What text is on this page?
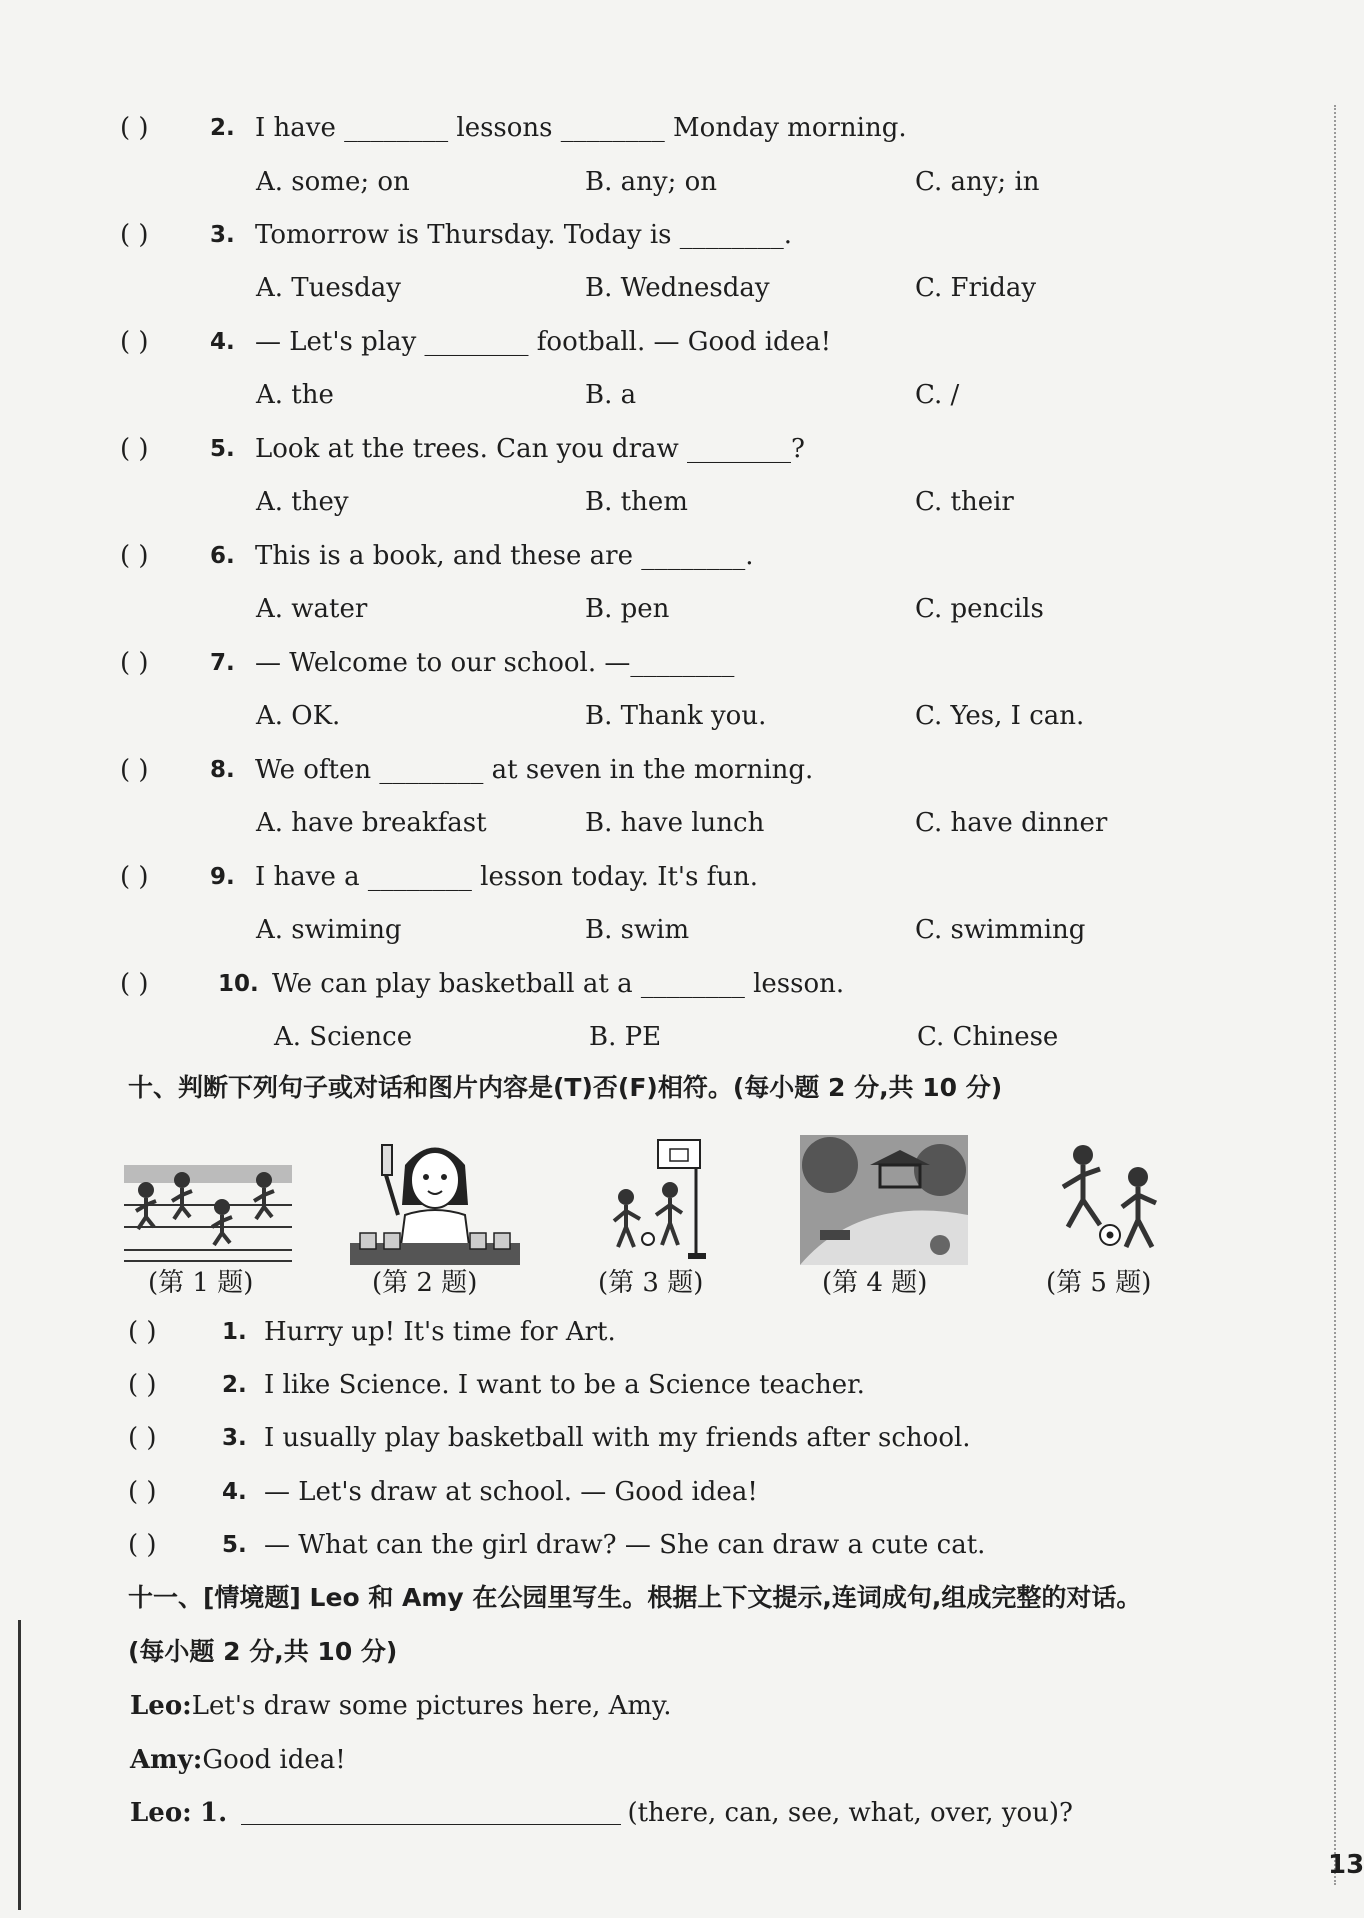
13
( )	2. I have ________ lessons ________ Monday morning.
A. some; on	B. any; on	C. any; in
( )	3. Tomorrow is Thursday. Today is ________.
A. Tuesday	B. Wednesday	C. Friday
( )	4. — Let's play ________ football. — Good idea!
A. the	B. a	C. /
( )	5. Look at the trees. Can you draw ________?
A. they	B. them	C. their
( )	6. This is a book, and these are ________.
A. water	B. pen	C. pencils
( )	7. — Welcome to our school. —________
A. OK.	B. Thank you.	C. Yes, I can.
( )	8. We often ________ at seven in the morning.
A. have breakfast	B. have lunch	C. have dinner
( )	9. I have a ________ lesson today. It's fun.
A. swiming	B. swim	C. swimming
( )	10. We can play basketball at a ________ lesson.
A. Science	B. PE	C. Chinese
十、判断下列句子或对话和图片内容是(T)否(F)相符。(每小题 2 分,共 10 分)
(第 1 题)	(第 2 题)	(第 3 题)	(第 4 题)	(第 5 题)
( )	1. Hurry up! It's time for Art.
( )	2. I like Science. I want to be a Science teacher.
( )	3. I usually play basketball with my friends after school.
( )	4. — Let's draw at school. — Good idea!
( )	5. — What can the girl draw? — She can draw a cute cat.
十一、[情境题] Leo 和 Amy 在公园里写生。根据上下文提示,连词成句,组成完整的对话。
(每小题 2 分,共 10 分)
Leo:Let's draw some pictures here, Amy.
Amy:Good idea!
Leo: 1.	(there, can, see, what, over, you)?
